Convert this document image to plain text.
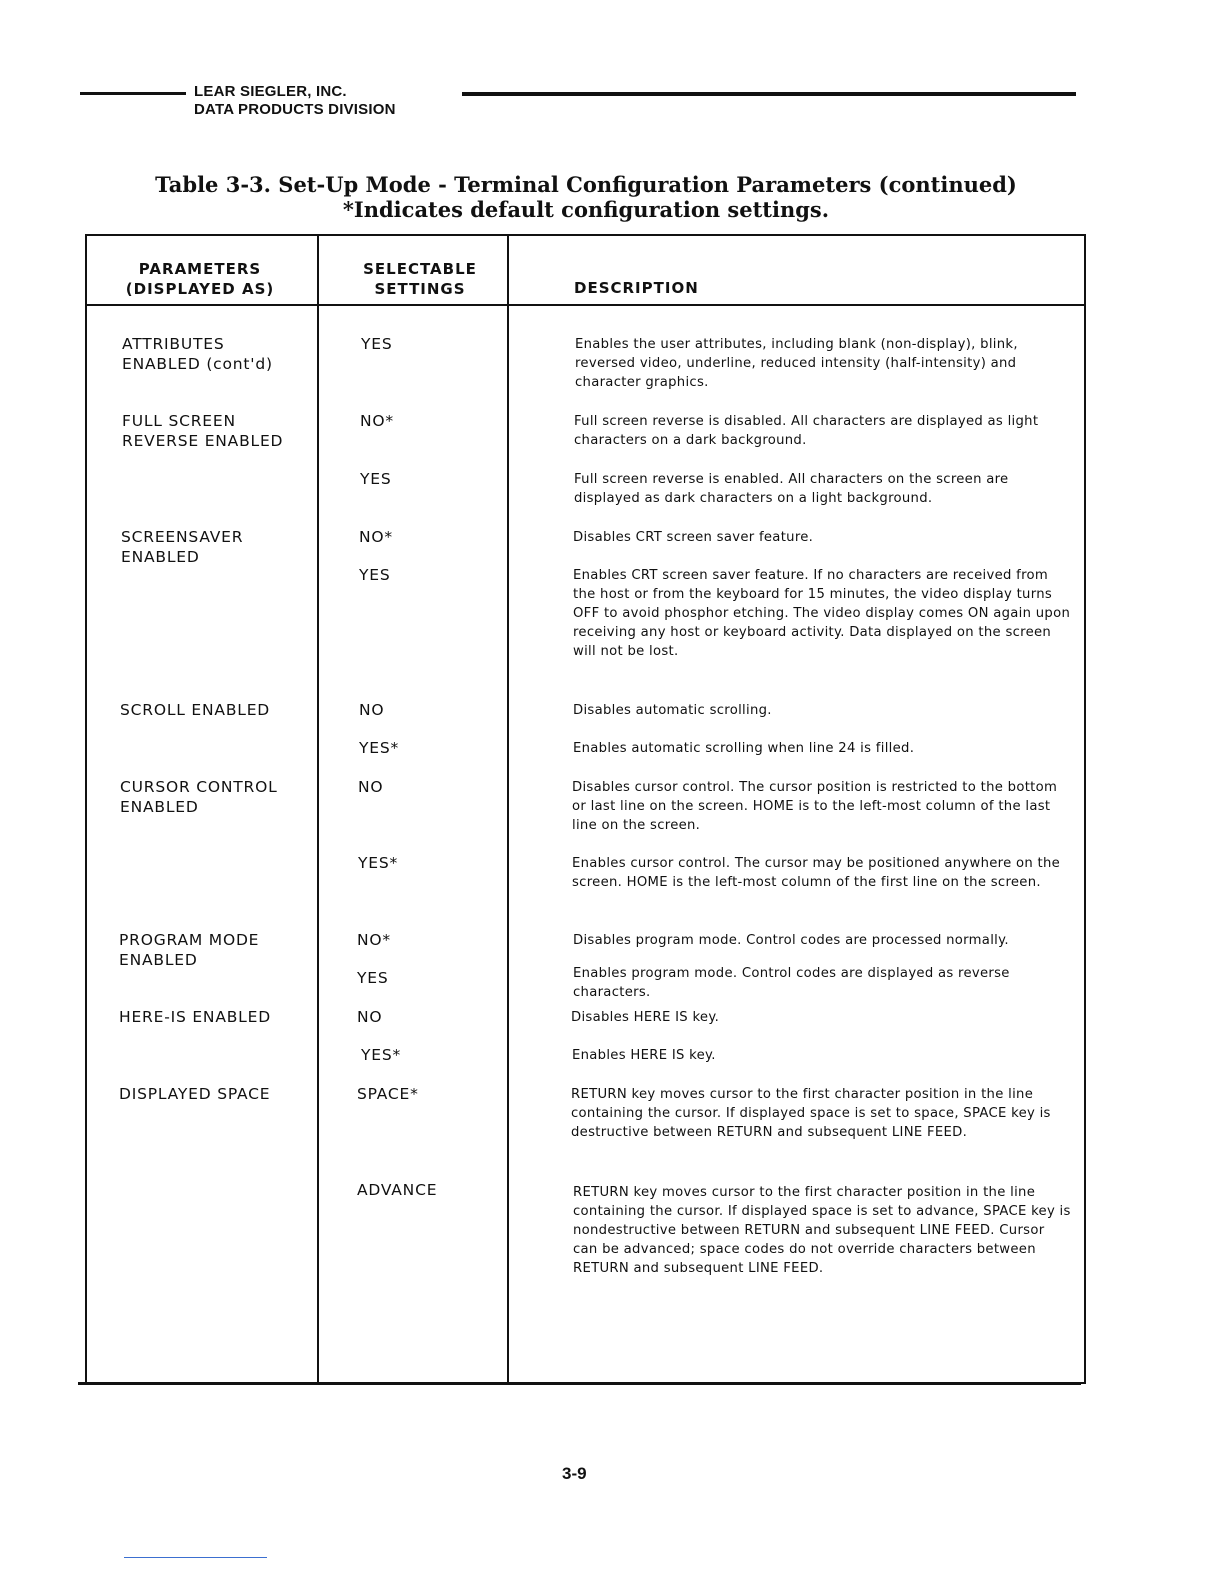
LEAR SIEGLER, INC.
DATA PRODUCTS DIVISION
Table 3-3. Set-Up Mode - Terminal Configuration Parameters (continued)
*Indicates default configuration settings.
PARAMETERS
(DISPLAYED AS)
SELECTABLE
SETTINGS	DESCRIPTION
ATTRIBUTES
ENABLED (cont'd)
FULL SCREEN
REVERSE ENABLED
SCREENSAVER
ENABLED
SCROLL ENABLED
CURSOR CONTROL
ENABLED
PROGRAM MODE
ENABLED
HERE-IS ENABLED
DISPLAYED SPACE
YES
NO*
YES
NO*
YES
NO
YES*
NO
YES*
NO*
YES
NO
YES*
SPACE*
ADVANCE
Enables the user attributes, including blank (non-display), blink, reversed video, underline, reduced intensity (half-intensity) and character graphics.
Full screen reverse is disabled. All characters are displayed as light characters on a dark background.
Full screen reverse is enabled. All characters on the screen are displayed as dark characters on a light background.
Disables CRT screen saver feature.
Enables CRT screen saver feature. If no characters are received from the host or from the keyboard for 15 minutes, the video display turns OFF to avoid phosphor etching. The video display comes ON again upon receiving any host or keyboard activity. Data displayed on the screen will not be lost.
Disables automatic scrolling.
Enables automatic scrolling when line 24 is filled.
Disables cursor control. The cursor position is restricted to the bottom or last line on the screen. HOME is to the left-most column of the last line on the screen.
Enables cursor control. The cursor may be positioned anywhere on the screen. HOME is the left-most column of the first line on the screen.
Disables program mode. Control codes are processed normally.
Enables program mode. Control codes are displayed as reverse characters.
Disables HERE IS key.
Enables HERE IS key.
RETURN key moves cursor to the first character position in the line containing the cursor. If displayed space is set to space, SPACE key is destructive between RETURN and subsequent LINE FEED.
RETURN key moves cursor to the first character position in the line containing the cursor. If displayed space is set to advance, SPACE key is nondestructive between RETURN and subsequent LINE FEED. Cursor can be advanced; space codes do not override characters between RETURN and subsequent LINE FEED.
3-9
